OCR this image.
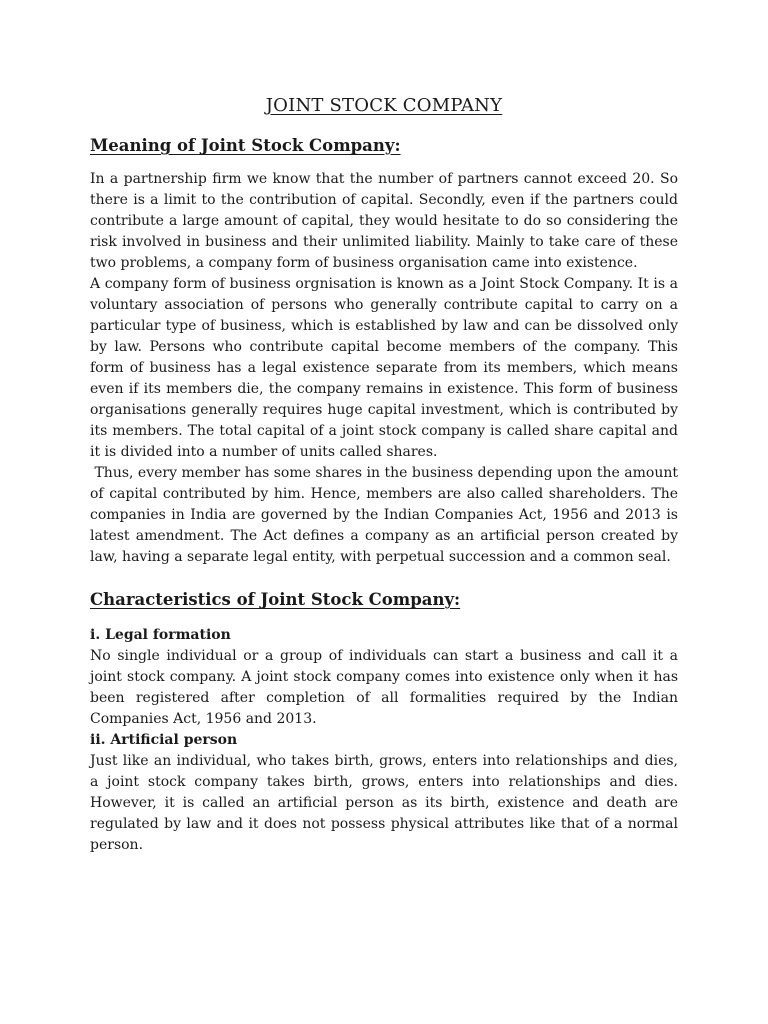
JOINT STOCK COMPANY
Meaning of Joint Stock Company:

In a partnership firm we know that the number of partners cannot exceed 20. So there is a limit to the contribution of capital. Secondly, even if the partners could contribute a large amount of capital, they would hesitate to do so considering the risk involved in business and their unlimited liability. Mainly to take care of these two problems, a company form of business organisation came into existence.

A company form of business orgnisation is known as a Joint Stock Company. It is a voluntary association of persons who generally contribute capital to carry on a particular type of business, which is established by law and can be dissolved only by law. Persons who contribute capital become members of the company. This form of business has a legal existence separate from its members, which means even if its members die, the company remains in existence. This form of business organisations generally requires huge capital investment, which is contributed by its members. The total capital of a joint stock company is called share capital and it is divided into a number of units called shares.

Thus, every member has some shares in the business depending upon the amount of capital contributed by him. Hence, members are also called shareholders. The companies in India are governed by the Indian Companies Act, 1956 and 2013 is latest amendment. The Act defines a company as an artificial person created by law, having a separate legal entity, with perpetual succession and a common seal.

Characteristics of Joint Stock Company:
i. Legal formation

No single individual or a group of individuals can start a business and call it a joint stock company. A joint stock company comes into existence only when it has been registered after completion of all formalities required by the Indian Companies Act, 1956 and 2013.

ii. Artificial person

Just like an individual, who takes birth, grows, enters into relationships and dies, a joint stock company takes birth, grows, enters into relationships and dies. However, it is called an artificial person as its birth, existence and death are regulated by law and it does not possess physical attributes like that of a normal person.
